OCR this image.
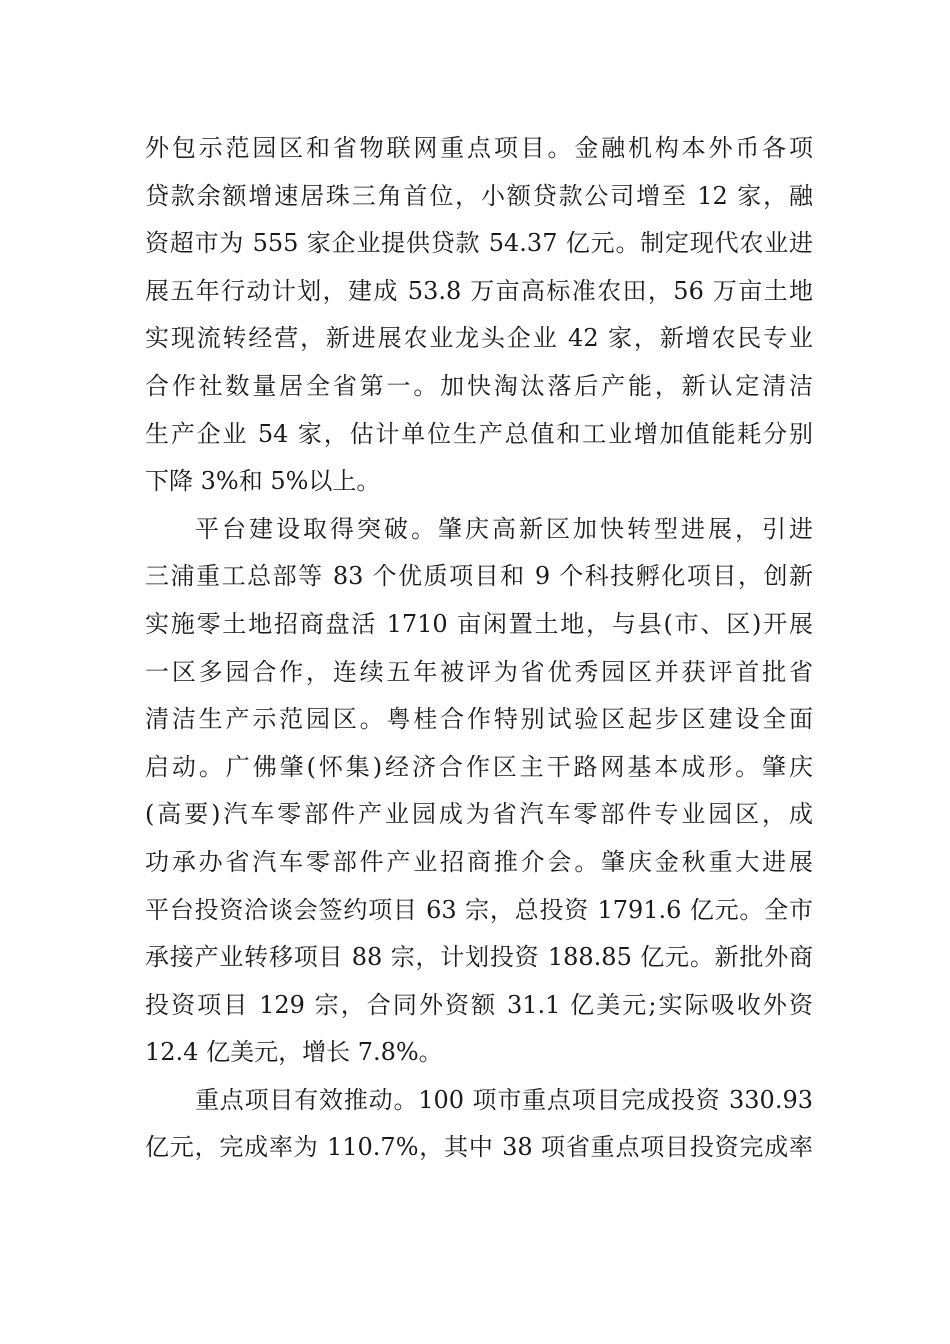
外包示范园区和省物联网重点项目。金融机构本外币各项
贷款余额增速居珠三角首位，小额贷款公司增至 12 家，融
资超市为 555 家企业提供贷款 54.37 亿元。制定现代农业进
展五年行动计划，建成 53.8 万亩高标准农田，56 万亩土地
实现流转经营，新进展农业龙头企业 42 家，新增农民专业
合作社数量居全省第一。加快淘汰落后产能，新认定清洁
生产企业 54 家，估计单位生产总值和工业增加值能耗分别
下降 3%和 5%以上。

平台建设取得突破。肇庆高新区加快转型进展，引进
三浦重工总部等 83 个优质项目和 9 个科技孵化项目，创新
实施零土地招商盘活 1710 亩闲置土地，与县(市、区)开展
一区多园合作，连续五年被评为省优秀园区并获评首批省
清洁生产示范园区。粤桂合作特别试验区起步区建设全面
启动。广佛肇(怀集)经济合作区主干路网基本成形。肇庆
(高要)汽车零部件产业园成为省汽车零部件专业园区，成
功承办省汽车零部件产业招商推介会。肇庆金秋重大进展
平台投资洽谈会签约项目 63 宗，总投资 1791.6 亿元。全市
承接产业转移项目 88 宗，计划投资 188.85 亿元。新批外商
投资项目 129 宗，合同外资额 31.1 亿美元;实际吸收外资
12.4 亿美元，增长 7.8%。

重点项目有效推动。100 项市重点项目完成投资 330.93
亿元，完成率为 110.7%，其中 38 项省重点项目投资完成率
